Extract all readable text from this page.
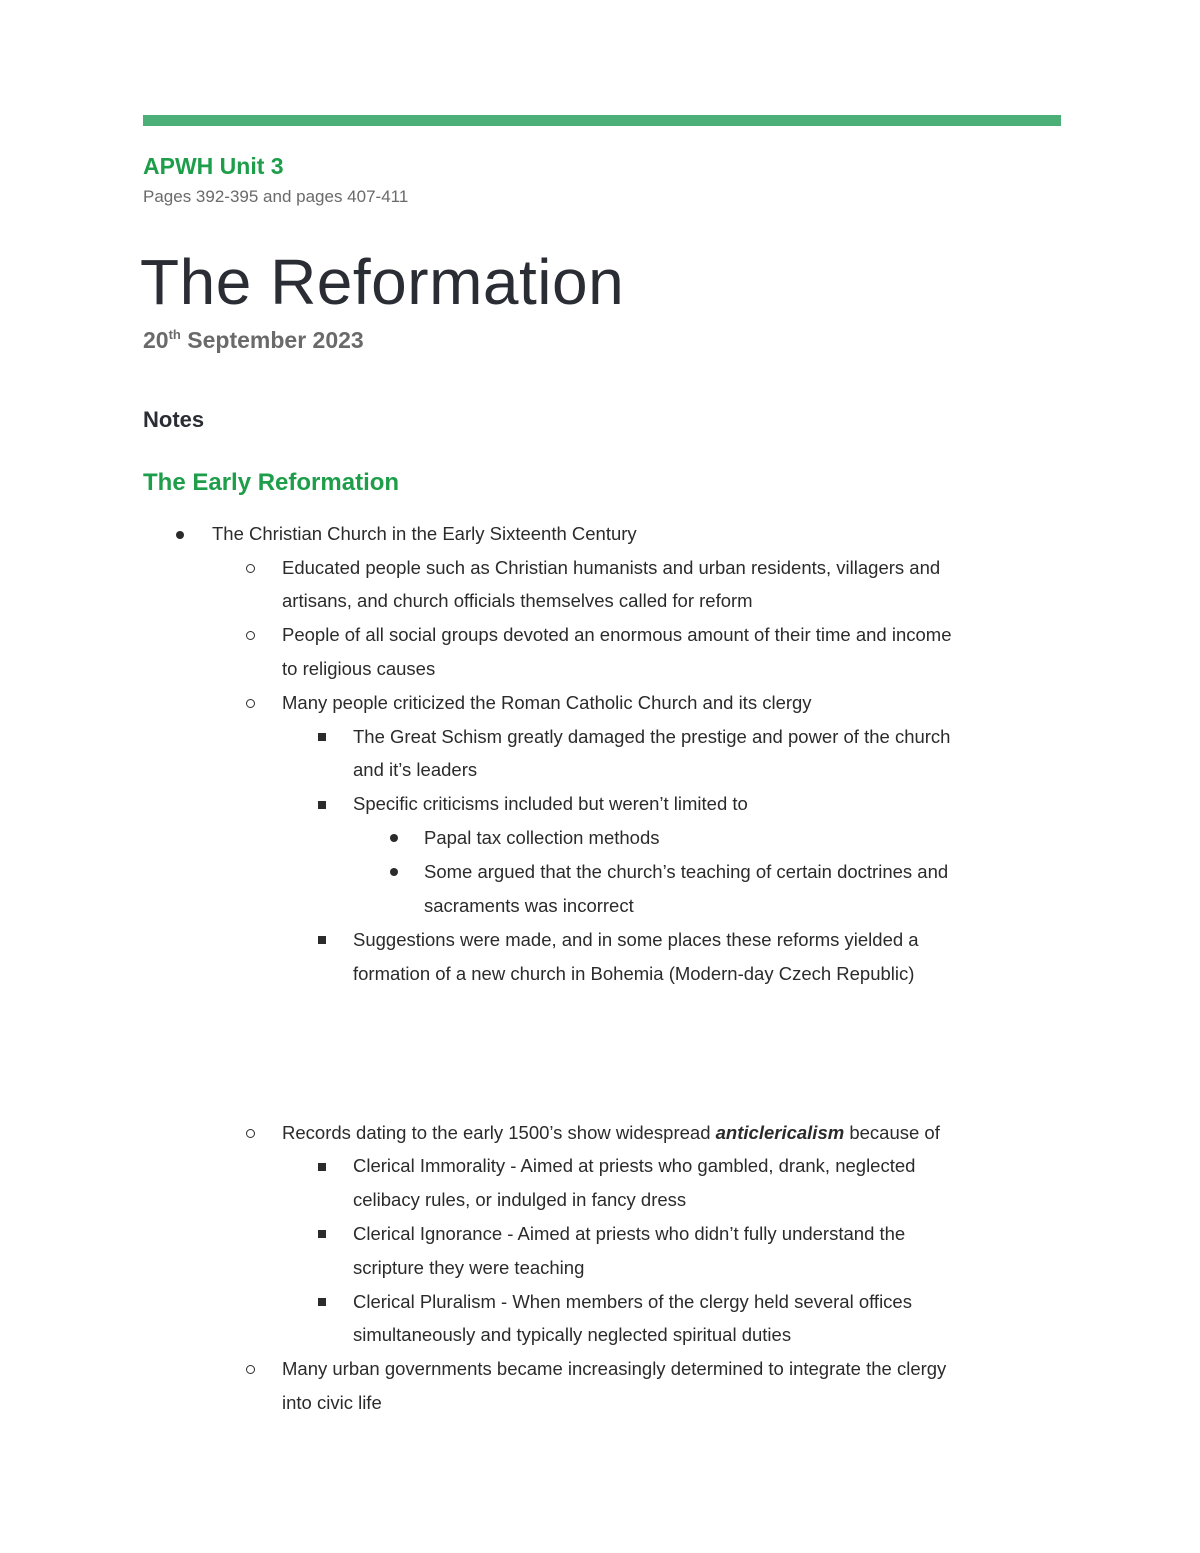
APWH Unit 3
Pages 392-395 and pages 407-411
The Reformation
20th September 2023
Notes
The Early Reformation
The Christian Church in the Early Sixteenth Century
Educated people such as Christian humanists and urban residents, villagers and
artisans, and church officials themselves called for reform
People of all social groups devoted an enormous amount of their time and income
to religious causes
Many people criticized the Roman Catholic Church and its clergy
The Great Schism greatly damaged the prestige and power of the church
and it’s leaders
Specific criticisms included but weren’t limited to
Papal tax collection methods
Some argued that the church’s teaching of certain doctrines and
sacraments was incorrect
Suggestions were made, and in some places these reforms yielded a
formation of a new church in Bohemia (Modern-day Czech Republic)
Records dating to the early 1500’s show widespread anticlericalism because of
Clerical Immorality - Aimed at priests who gambled, drank, neglected
celibacy rules, or indulged in fancy dress
Clerical Ignorance - Aimed at priests who didn’t fully understand the
scripture they were teaching
Clerical Pluralism - When members of the clergy held several offices
simultaneously and typically neglected spiritual duties
Many urban governments became increasingly determined to integrate the clergy
into civic life
